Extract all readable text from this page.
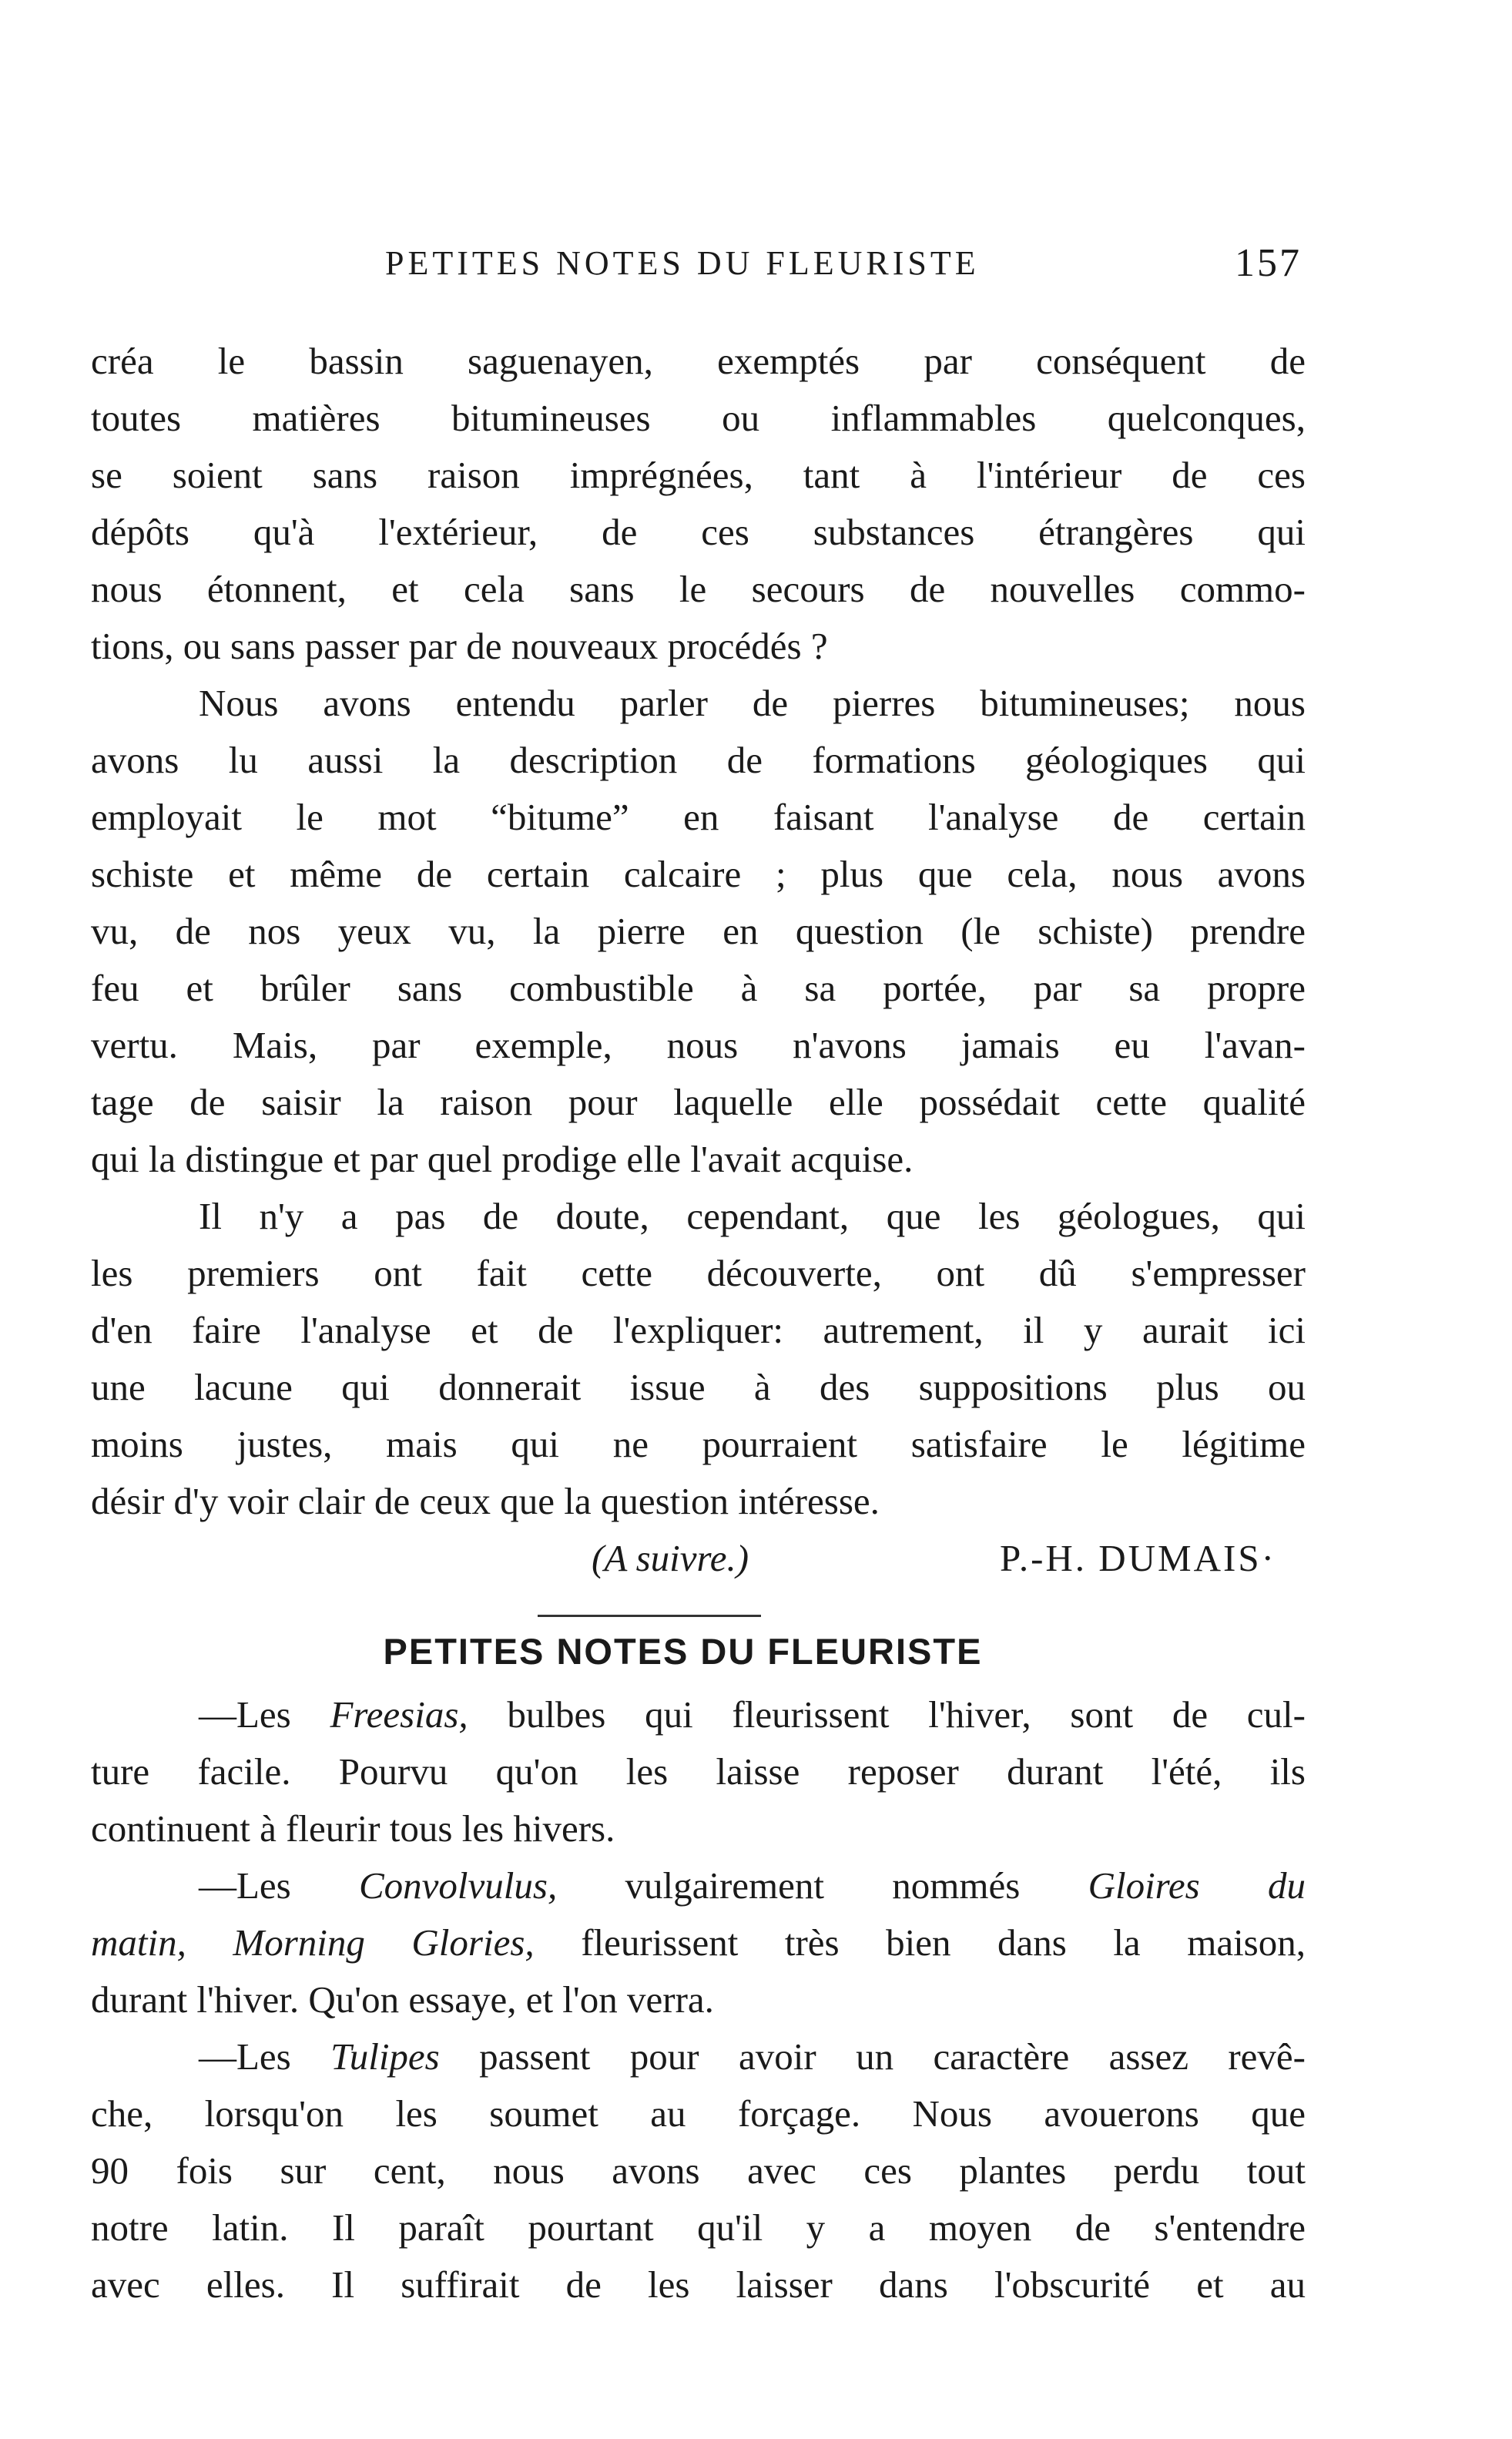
PETITES NOTES DU FLEURISTE	157
créa le bassin saguenayen, exemptés par conséquent de
toutes matières bitumineuses ou inflammables quelconques,
se soient sans raison imprégnées, tant à l'intérieur de ces
dépôts qu'à l'extérieur, de ces substances étrangères qui
nous étonnent, et cela sans le secours de nouvelles commo-
tions, ou sans passer par de nouveaux procédés ?
Nous avons entendu parler de pierres bitumineuses; nous
avons lu aussi la description de formations géologiques qui
employait le mot “bitume” en faisant l'analyse de certain
schiste et même de certain calcaire ; plus que cela, nous avons
vu, de nos yeux vu, la pierre en question (le schiste) prendre
feu et brûler sans combustible à sa portée, par sa propre
vertu. Mais, par exemple, nous n'avons jamais eu l'avan-
tage de saisir la raison pour laquelle elle possédait cette qualité
qui la distingue et par quel prodige elle l'avait acquise.
Il n'y a pas de doute, cependant, que les géologues, qui
les premiers ont fait cette découverte, ont dû s'empresser
d'en faire l'analyse et de l'expliquer: autrement, il y aurait ici
une lacune qui donnerait issue à des suppositions plus ou
moins justes, mais qui ne pourraient satisfaire le légitime
désir d'y voir clair de ceux que la question intéresse.
(A suivre.)	P.-H. DUMAIS·
PETITES NOTES DU FLEURISTE
—Les Freesias, bulbes qui fleurissent l'hiver, sont de cul-
ture facile. Pourvu qu'on les laisse reposer durant l'été, ils
continuent à fleurir tous les hivers.
—Les Convolvulus, vulgairement nommés Gloires du
matin, Morning Glories, fleurissent très bien dans la maison,
durant l'hiver. Qu'on essaye, et l'on verra.
—Les Tulipes passent pour avoir un caractère assez revê-
che, lorsqu'on les soumet au forçage. Nous avouerons que
90 fois sur cent, nous avons avec ces plantes perdu tout
notre latin. Il paraît pourtant qu'il y a moyen de s'entendre
avec elles. Il suffirait de les laisser dans l'obscurité et au
